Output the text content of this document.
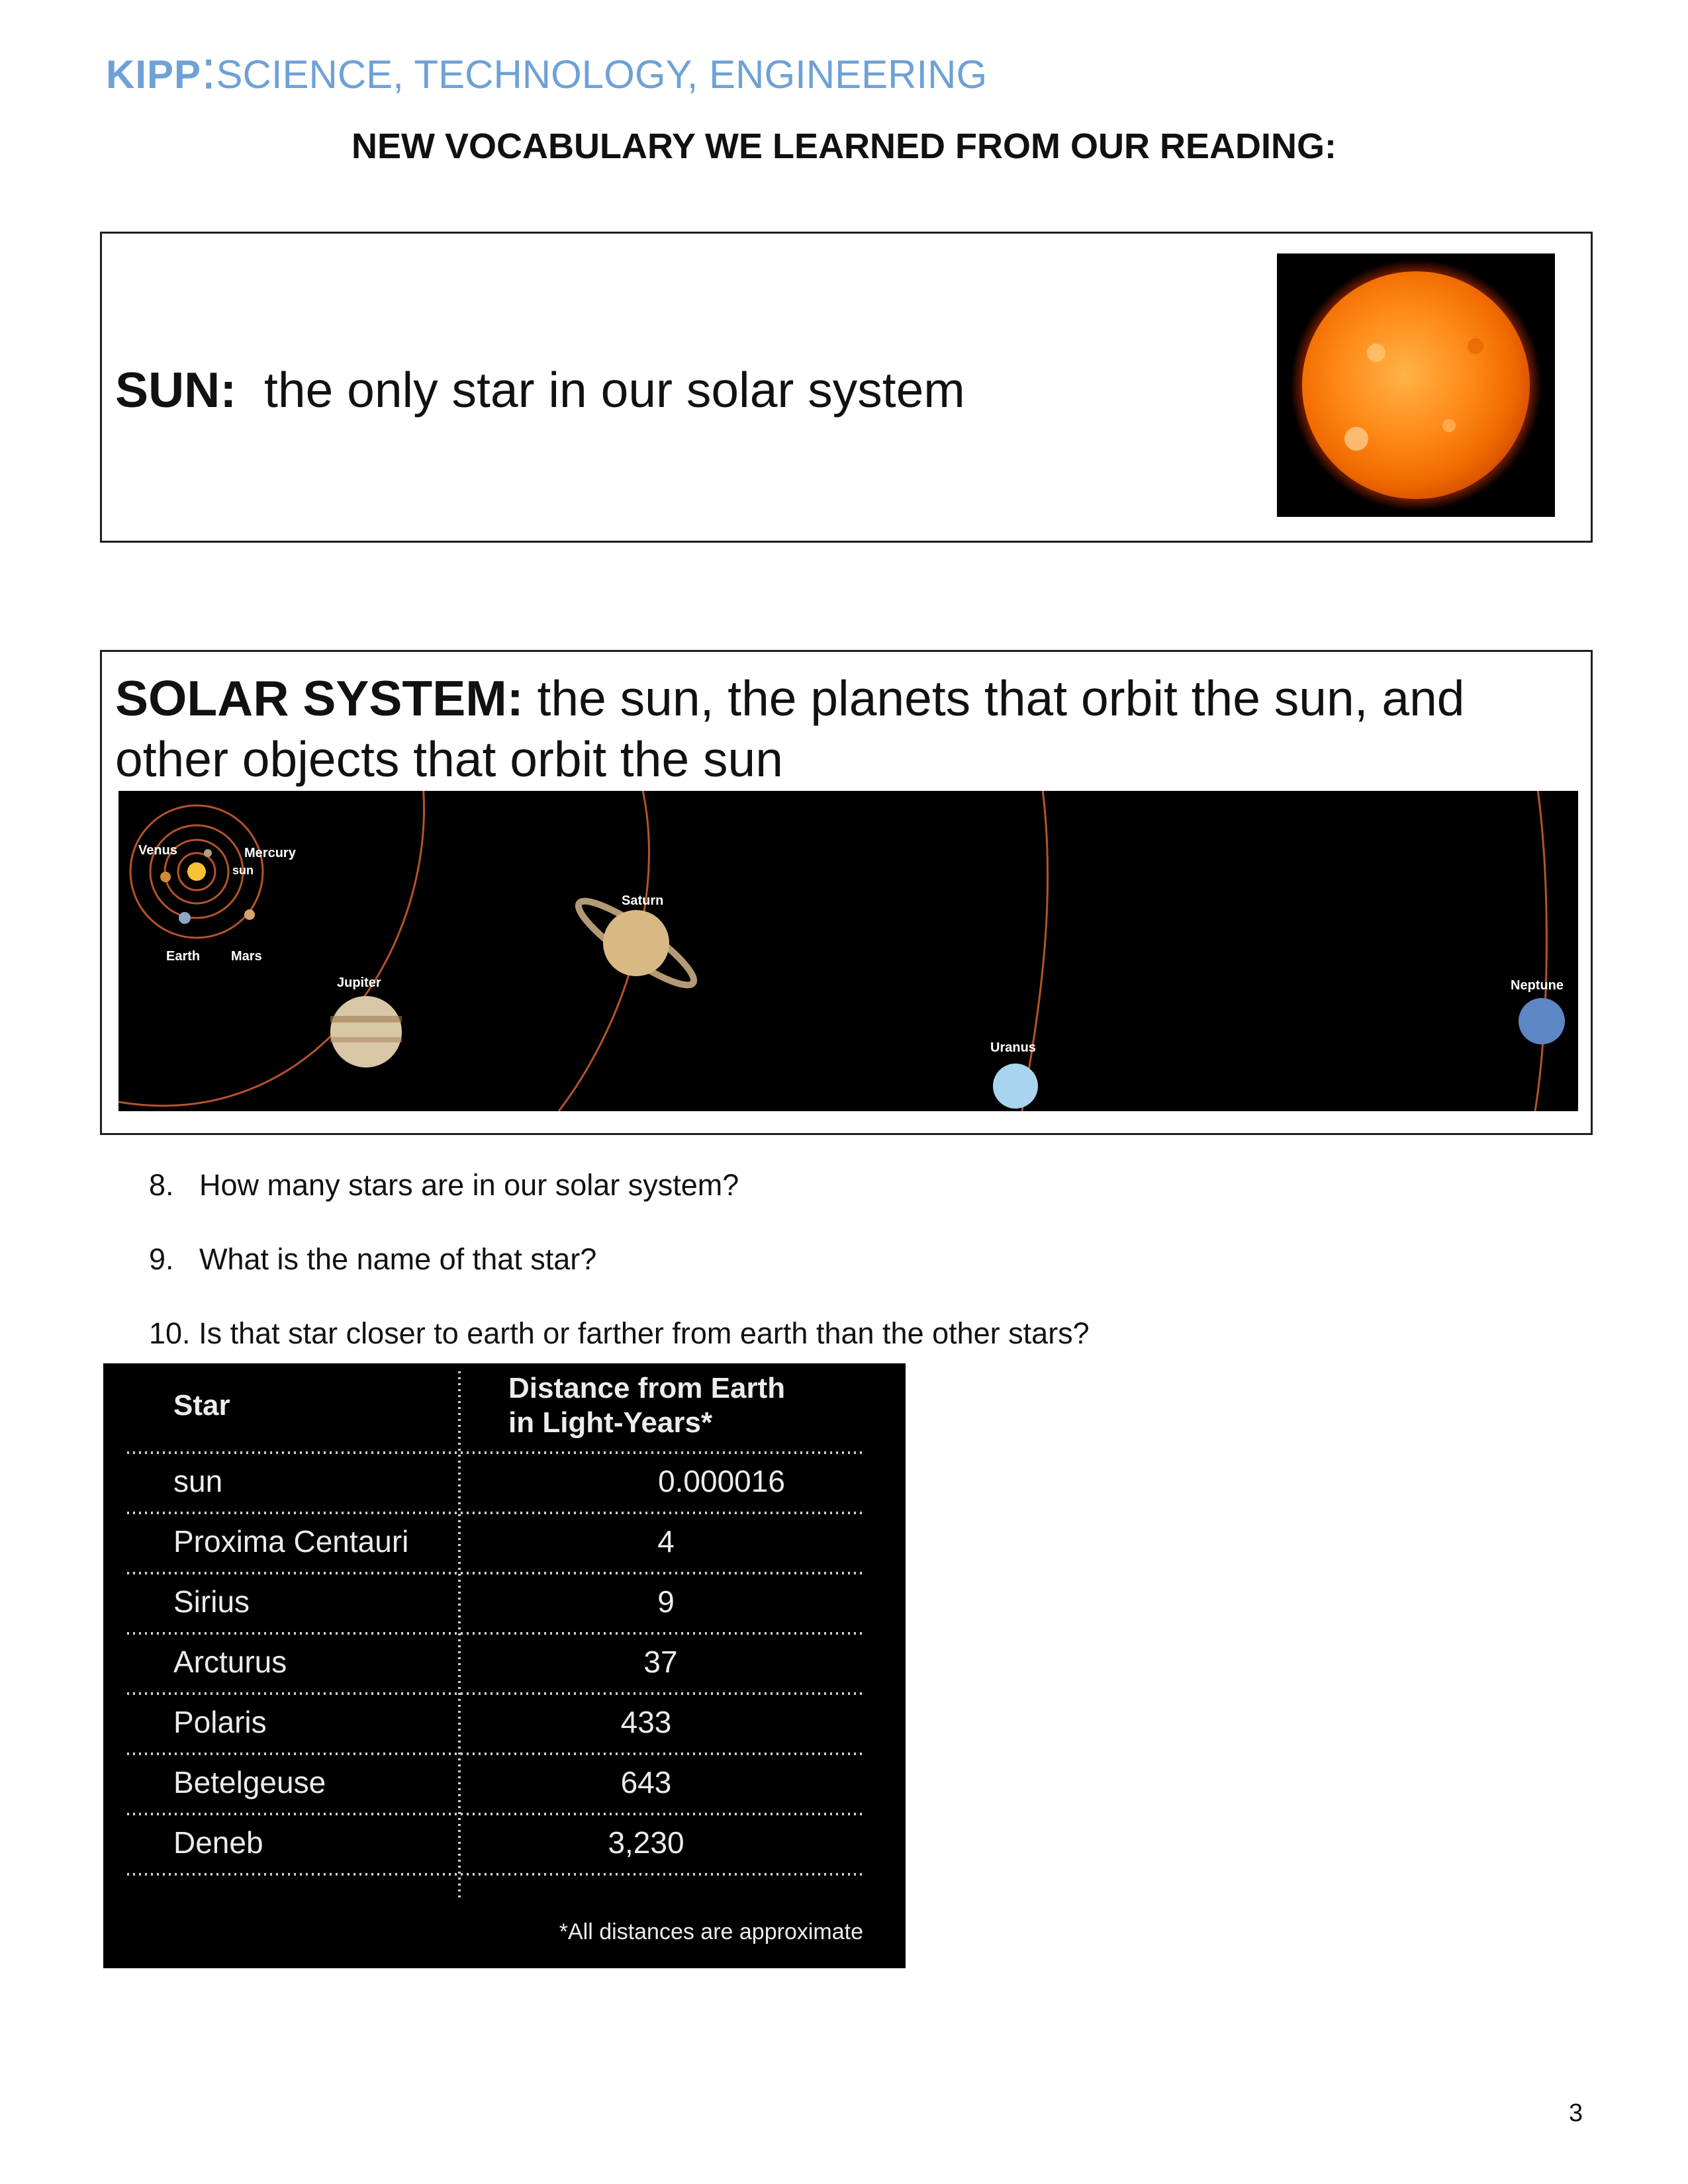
KIPP⁚SCIENCE, TECHNOLOGY, ENGINEERING
NEW VOCABULARY WE LEARNED FROM OUR READING:
SUN: the only star in our solar system
SOLAR SYSTEM: the sun, the planets that orbit the sun, and other objects that orbit the sun
Venus	Mercury
sun
Earth Mars
Jupiter
Saturn
Uranus
Neptune
8. How many stars are in our solar system?
9. What is the name of that star?
10. Is that star closer to earth or farther from earth than the other stars?
Star
Distance from Earth
in Light-Years*
sun	0.000016
Proxima Centauri	4
Sirius	9
Arcturus	37
Polaris	433
Betelgeuse	643
Deneb	3,230
*All distances are approximate
3
